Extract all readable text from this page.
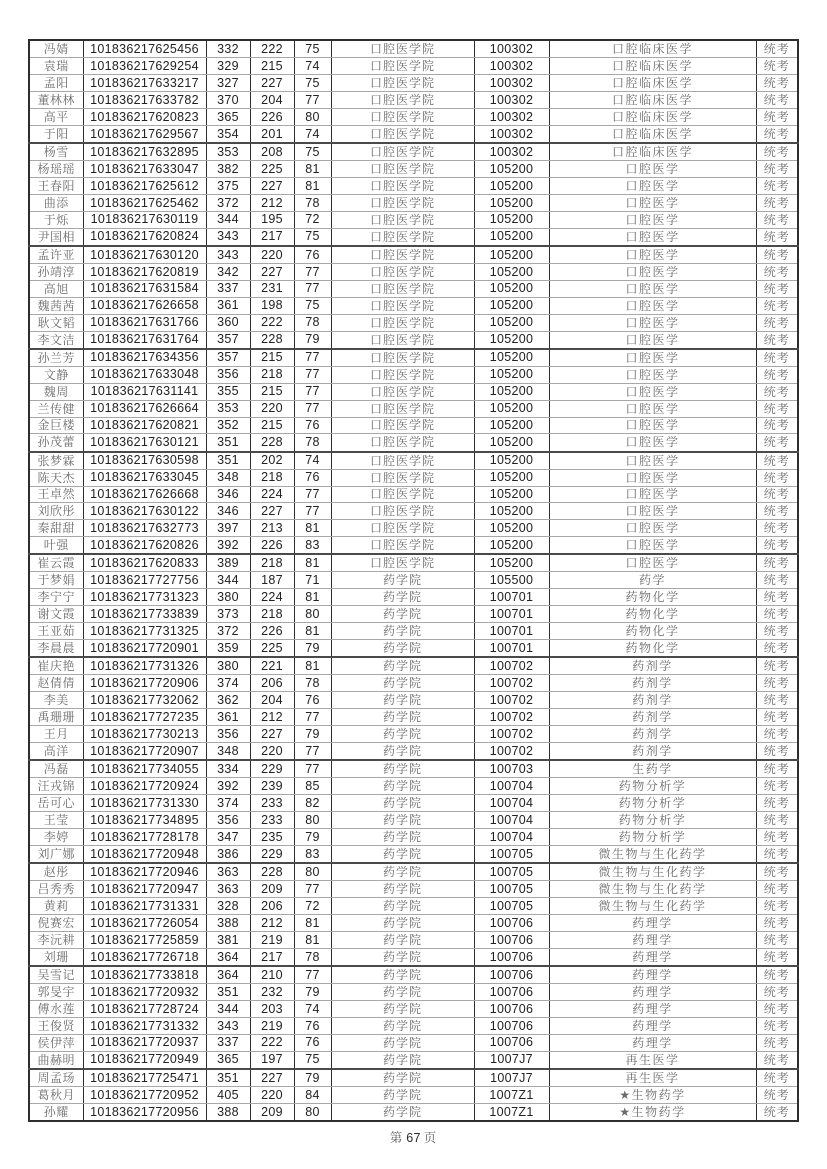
冯婧	101836217625456	332	222	75	口腔医学院	100302	口腔临床医学	统考
袁瑞	101836217629254	329	215	74	口腔医学院	100302	口腔临床医学	统考
孟阳	101836217633217	327	227	75	口腔医学院	100302	口腔临床医学	统考
董林林	101836217633782	370	204	77	口腔医学院	100302	口腔临床医学	统考
高平	101836217620823	365	226	80	口腔医学院	100302	口腔临床医学	统考
于阳	101836217629567	354	201	74	口腔医学院	100302	口腔临床医学	统考
杨雪	101836217632895	353	208	75	口腔医学院	100302	口腔临床医学	统考
杨瑶瑶	101836217633047	382	225	81	口腔医学院	105200	口腔医学	统考
王春阳	101836217625612	375	227	81	口腔医学院	105200	口腔医学	统考
曲添	101836217625462	372	212	78	口腔医学院	105200	口腔医学	统考
于烁	101836217630119	344	195	72	口腔医学院	105200	口腔医学	统考
尹国相	101836217620824	343	217	75	口腔医学院	105200	口腔医学	统考
孟许亚	101836217630120	343	220	76	口腔医学院	105200	口腔医学	统考
孙靖淳	101836217620819	342	227	77	口腔医学院	105200	口腔医学	统考
高旭	101836217631584	337	231	77	口腔医学院	105200	口腔医学	统考
魏茜茜	101836217626658	361	198	75	口腔医学院	105200	口腔医学	统考
耿文韬	101836217631766	360	222	78	口腔医学院	105200	口腔医学	统考
李文洁	101836217631764	357	228	79	口腔医学院	105200	口腔医学	统考
孙兰芳	101836217634356	357	215	77	口腔医学院	105200	口腔医学	统考
文静	101836217633048	356	218	77	口腔医学院	105200	口腔医学	统考
魏周	101836217631141	355	215	77	口腔医学院	105200	口腔医学	统考
兰传健	101836217626664	353	220	77	口腔医学院	105200	口腔医学	统考
金巨楼	101836217620821	352	215	76	口腔医学院	105200	口腔医学	统考
孙茂蕾	101836217630121	351	228	78	口腔医学院	105200	口腔医学	统考
张梦霖	101836217630598	351	202	74	口腔医学院	105200	口腔医学	统考
陈天杰	101836217633045	348	218	76	口腔医学院	105200	口腔医学	统考
王卓然	101836217626668	346	224	77	口腔医学院	105200	口腔医学	统考
刘欣彤	101836217630122	346	227	77	口腔医学院	105200	口腔医学	统考
秦甜甜	101836217632773	397	213	81	口腔医学院	105200	口腔医学	统考
叶强	101836217620826	392	226	83	口腔医学院	105200	口腔医学	统考
崔云霞	101836217620833	389	218	81	口腔医学院	105200	口腔医学	统考
于梦娟	101836217727756	344	187	71	药学院	105500	药学	统考
李宁宁	101836217731323	380	224	81	药学院	100701	药物化学	统考
谢文霞	101836217733839	373	218	80	药学院	100701	药物化学	统考
王亚茹	101836217731325	372	226	81	药学院	100701	药物化学	统考
李晨晨	101836217720901	359	225	79	药学院	100701	药物化学	统考
崔庆艳	101836217731326	380	221	81	药学院	100702	药剂学	统考
赵倩倩	101836217720906	374	206	78	药学院	100702	药剂学	统考
李美	101836217732062	362	204	76	药学院	100702	药剂学	统考
禹珊珊	101836217727235	361	212	77	药学院	100702	药剂学	统考
王月	101836217730213	356	227	79	药学院	100702	药剂学	统考
高洋	101836217720907	348	220	77	药学院	100702	药剂学	统考
冯磊	101836217734055	334	229	77	药学院	100703	生药学	统考
汪戎锦	101836217720924	392	239	85	药学院	100704	药物分析学	统考
岳可心	101836217731330	374	233	82	药学院	100704	药物分析学	统考
王莹	101836217734895	356	233	80	药学院	100704	药物分析学	统考
李婷	101836217728178	347	235	79	药学院	100704	药物分析学	统考
刘广娜	101836217720948	386	229	83	药学院	100705	微生物与生化药学	统考
赵彤	101836217720946	363	228	80	药学院	100705	微生物与生化药学	统考
吕秀秀	101836217720947	363	209	77	药学院	100705	微生物与生化药学	统考
黄莉	101836217731331	328	206	72	药学院	100705	微生物与生化药学	统考
倪赛宏	101836217726054	388	212	81	药学院	100706	药理学	统考
李沅耕	101836217725859	381	219	81	药学院	100706	药理学	统考
刘珊	101836217726718	364	217	78	药学院	100706	药理学	统考
吴雪记	101836217733818	364	210	77	药学院	100706	药理学	统考
郭旻宇	101836217720932	351	232	79	药学院	100706	药理学	统考
傅水莲	101836217728724	344	203	74	药学院	100706	药理学	统考
王俊贤	101836217731332	343	219	76	药学院	100706	药理学	统考
侯伊萍	101836217720937	337	222	76	药学院	100706	药理学	统考
曲赫明	101836217720949	365	197	75	药学院	1007J7	再生医学	统考
周孟玚	101836217725471	351	227	79	药学院	1007J7	再生医学	统考
葛秋月	101836217720952	405	220	84	药学院	1007Z1	★生物药学	统考
孙耀	101836217720956	388	209	80	药学院	1007Z1	★生物药学	统考
第 67 页
